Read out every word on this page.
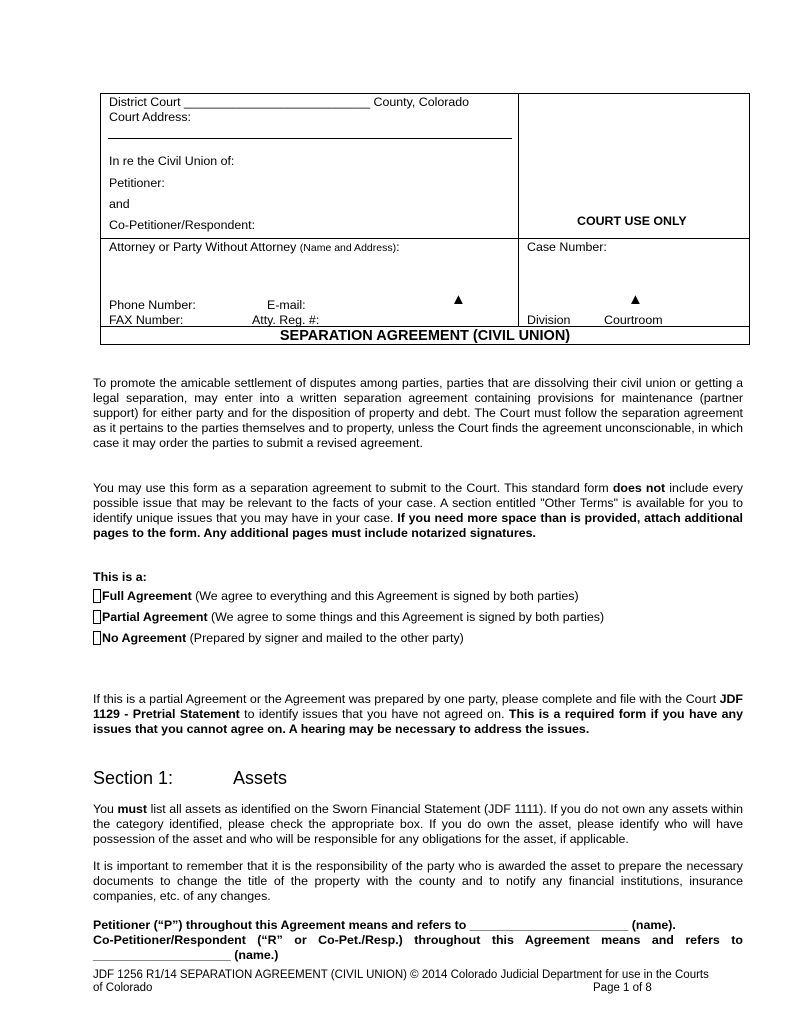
District Court ___________________________ County, Colorado
Court Address:
In re the Civil Union of:
Petitioner:
and
Co-Petitioner/Respondent:	COURT USE ONLY
Attorney or Party Without Attorney (Name and Address):
Phone Number:	E-mail:
FAX Number:	Atty. Reg. #:
▲
Case Number:
▲
Division	Courtroom
SEPARATION AGREEMENT (CIVIL UNION)
To promote the amicable settlement of disputes among parties, parties that are dissolving their civil union or getting a legal separation, may enter into a written separation agreement containing provisions for maintenance (partner support) for either party and for the disposition of property and debt. The Court must follow the separation agreement as it pertains to the parties themselves and to property, unless the Court finds the agreement unconscionable, in which case it may order the parties to submit a revised agreement.
You may use this form as a separation agreement to submit to the Court. This standard form does not include every possible issue that may be relevant to the facts of your case. A section entitled "Other Terms" is available for you to identify unique issues that you may have in your case. If you need more space than is provided, attach additional pages to the form. Any additional pages must include notarized signatures.
This is a:
Full Agreement (We agree to everything and this Agreement is signed by both parties)
Partial Agreement (We agree to some things and this Agreement is signed by both parties)
No Agreement (Prepared by signer and mailed to the other party)
If this is a partial Agreement or the Agreement was prepared by one party, please complete and file with the Court JDF 1129 - Pretrial Statement to identify issues that you have not agreed on. This is a required form if you have any issues that you cannot agree on. A hearing may be necessary to address the issues.
Section 1:	Assets
You must list all assets as identified on the Sworn Financial Statement (JDF 1111). If you do not own any assets within the category identified, please check the appropriate box. If you do own the asset, please identify who will have possession of the asset and who will be responsible for any obligations for the asset, if applicable.
It is important to remember that it is the responsibility of the party who is awarded the asset to prepare the necessary documents to change the title of the property with the county and to notify any financial institutions, insurance companies, etc. of any changes.
Petitioner (“P”) throughout this Agreement means and refers to _______________________ (name).
Co-Petitioner/Respondent (“R” or Co-Pet./Resp.) throughout this Agreement means and refers to ____________________ (name.)
JDF 1256 R1/14 SEPARATION AGREEMENT (CIVIL UNION) © 2014 Colorado Judicial Department for use in the Courts
of Colorado	Page 1 of 8
